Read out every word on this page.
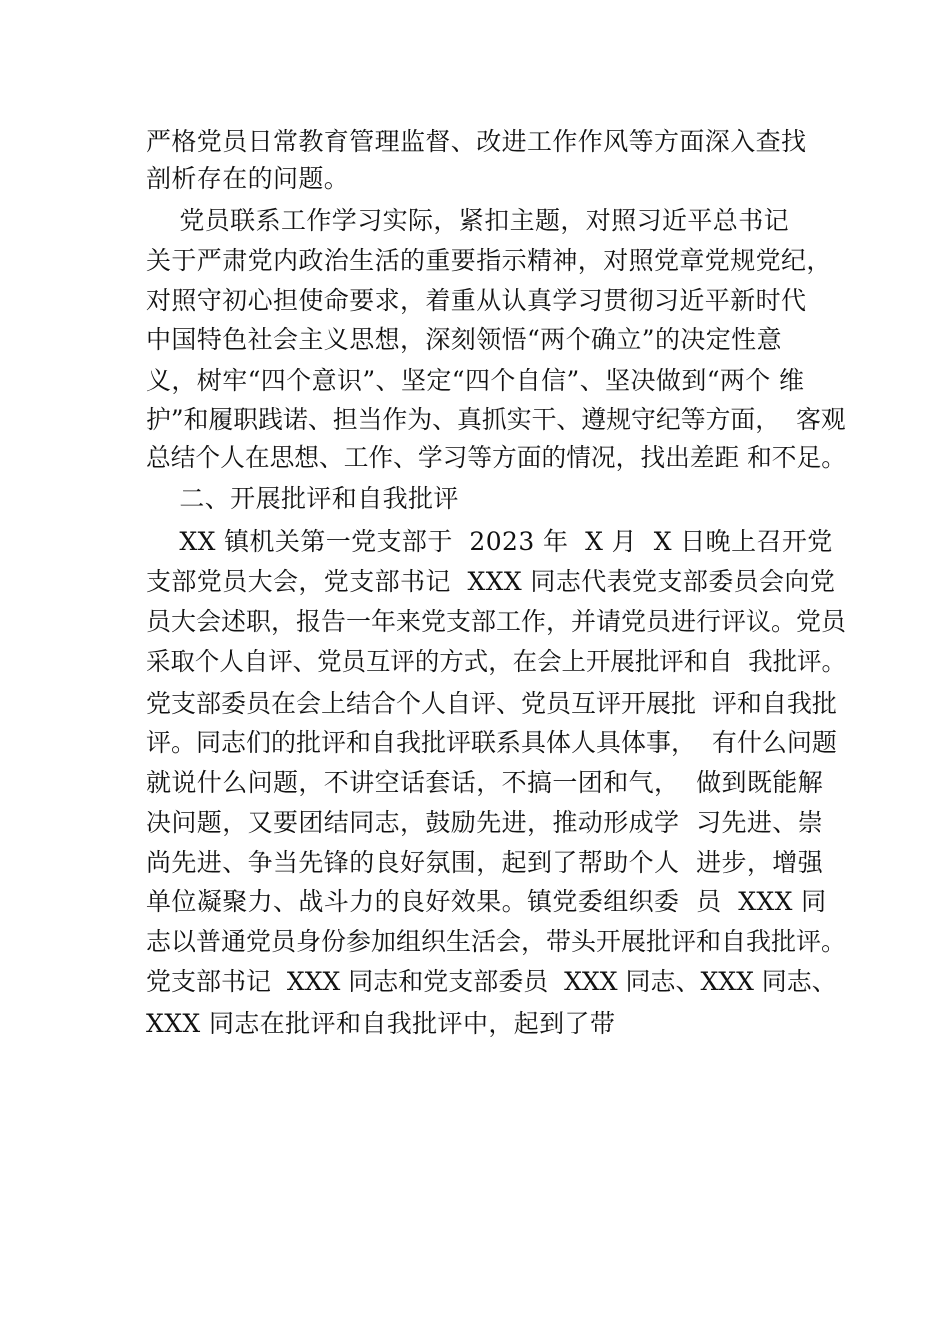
严格党员日常教育管理监督、改进工作作风等方面深入查找
剖析存在的问题。
党员联系工作学习实际，紧扣主题，对照习近平总书记
关于严肃党内政治生活的重要指示精神，对照党章党规党纪，
对照守初心担使命要求，着重从认真学习贯彻习近平新时代
中国特色社会主义思想，深刻领悟“两个确立”的决定性意
义，树牢“四个意识”、坚定“四个自信”、坚决做到“两个 维
护”和履职践诺、担当作为、真抓实干、遵规守纪等方面，  客观
总结个人在思想、工作、学习等方面的情况，找出差距 和不足。
二、开展批评和自我批评
XX 镇机关第一党支部于  2023 年  X 月  X 日晚上召开党
支部党员大会，党支部书记  XXX 同志代表党支部委员会向党
员大会述职，报告一年来党支部工作，并请党员进行评议。党员
采取个人自评、党员互评的方式，在会上开展批评和自  我批评。
党支部委员在会上结合个人自评、党员互评开展批  评和自我批
评。同志们的批评和自我批评联系具体人具体事，  有什么问题
就说什么问题，不讲空话套话，不搞一团和气，  做到既能解
决问题，又要团结同志，鼓励先进，推动形成学  习先进、崇
尚先进、争当先锋的良好氛围，起到了帮助个人  进步，增强
单位凝聚力、战斗力的良好效果。镇党委组织委  员  XXX 同
志以普通党员身份参加组织生活会，带头开展批评和自我批评。
党支部书记  XXX 同志和党支部委员  XXX 同志、XXX 同志、
XXX 同志在批评和自我批评中，起到了带
